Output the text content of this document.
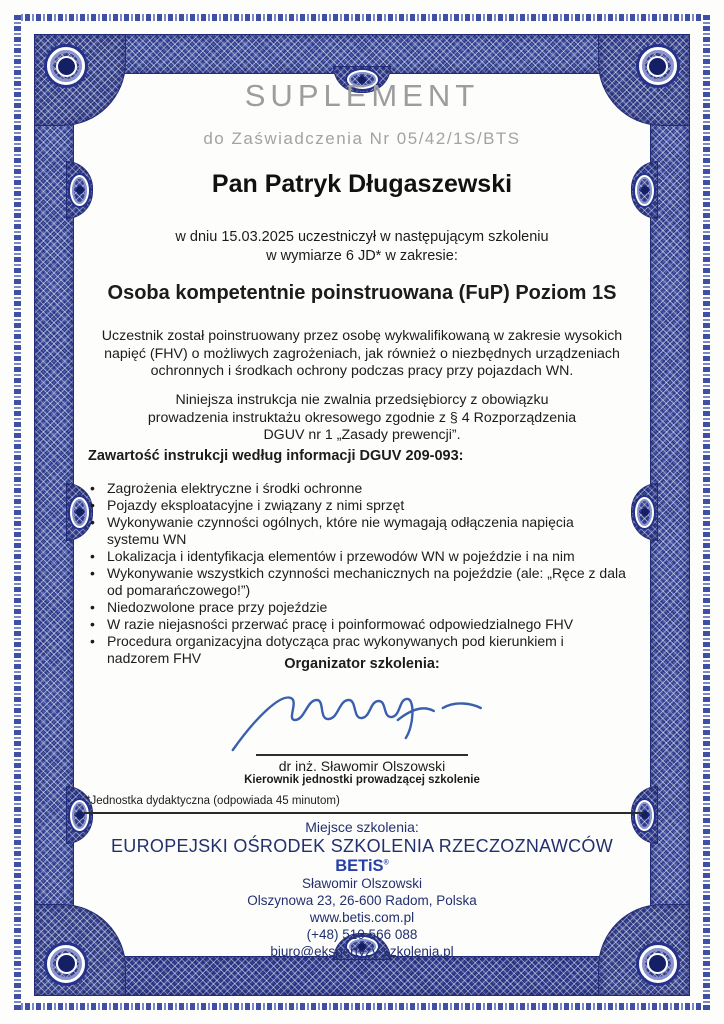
SUPLEMENT
do Zaświadczenia Nr 05/42/1S/BTS
Pan Patryk Długaszewski
w dniu 15.03.2025 uczestniczył w następującym szkoleniu
w wymiarze 6 JD* w zakresie:
Osoba kompetentnie poinstruowana (FuP) Poziom 1S
Uczestnik został poinstruowany przez osobę wykwalifikowaną w zakresie wysokich napięć (FHV) o możliwych zagrożeniach, jak również o niezbędnych urządzeniach ochronnych i środkach ochrony podczas pracy przy pojazdach WN.
Niniejsza instrukcja nie zwalnia przedsiębiorcy z obowiązku prowadzenia instruktażu okresowego zgodnie z § 4 Rozporządzenia DGUV nr 1 „Zasady prewencji”.
Zawartość instrukcji według informacji DGUV 209-093:
• Zagrożenia elektryczne i środki ochronne
• Pojazdy eksploatacyjne i związany z nimi sprzęt
• Wykonywanie czynności ogólnych, które nie wymagają odłączenia napięcia systemu WN
• Lokalizacja i identyfikacja elementów i przewodów WN w pojeździe i na nim
• Wykonywanie wszystkich czynności mechanicznych na pojeździe (ale: „Ręce z dala od pomarańczowego!”)
• Niedozwolone prace przy pojeździe
• W razie niejasności przerwać pracę i poinformować odpowiedzialnego FHV
• Procedura organizacyjna dotycząca prac wykonywanych pod kierunkiem i nadzorem FHV	Organizator szkolenia:
dr inż. Sławomir Olszowski
Kierownik jednostki prowadzącej szkolenie
*Jednostka dydaktyczna (odpowiada 45 minutom)
Miejsce szkolenia:
EUROPEJSKI OŚRODEK SZKOLENIA RZECZOZNAWCÓW
BETiS®
Sławomir Olszowski
Olszynowa 23, 26-600 Radom, Polska
www.betis.com.pl
(+48) 510 566 088
biuro@ekspertyzy-szkolenia.pl
